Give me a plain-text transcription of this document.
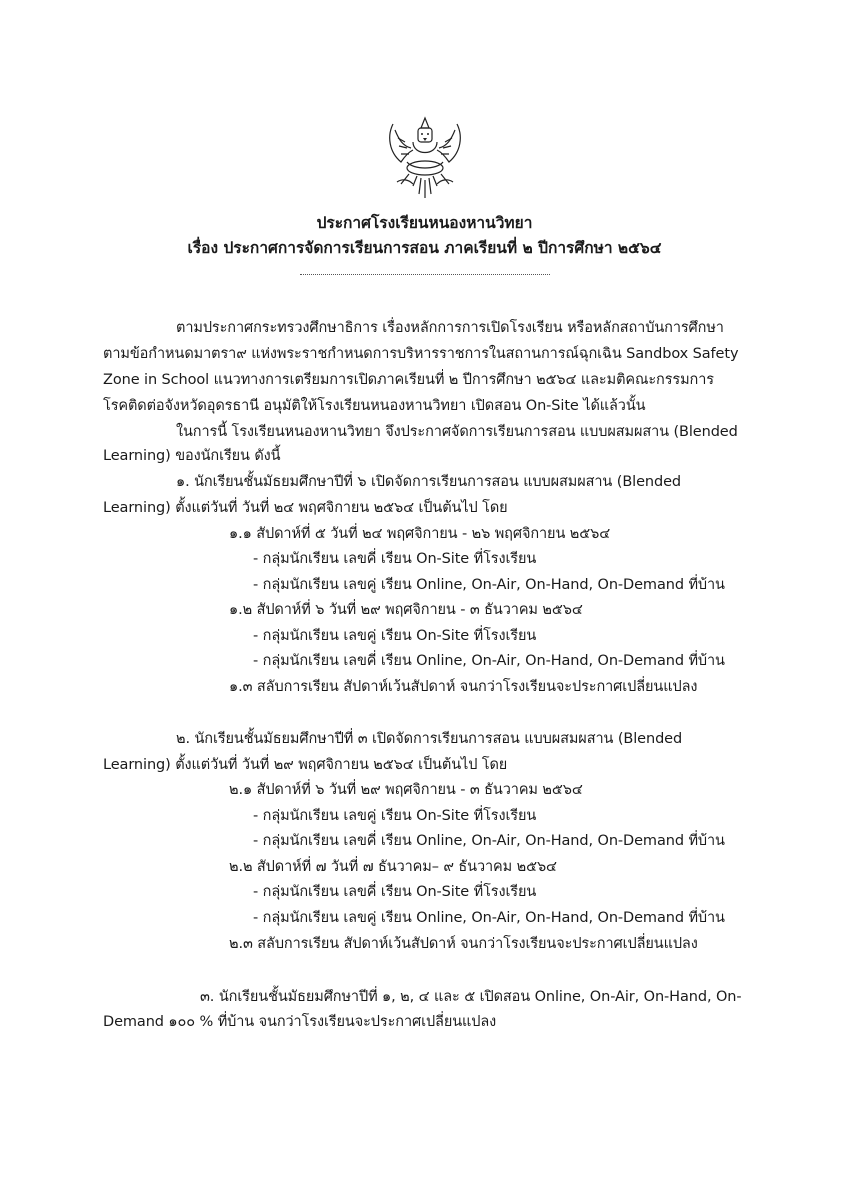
ประกาศโรงเรียนหนองหานวิทยา
เรื่อง ประกาศการจัดการเรียนการสอน ภาคเรียนที่ ๒ ปีการศึกษา ๒๕๖๔
ตามประกาศกระทรวงศึกษาธิการ เรื่องหลักการการเปิดโรงเรียน หรือหลักสถาบันการศึกษา
ตามข้อกำหนดมาตรา๙ แห่งพระราชกำหนดการบริหารราชการในสถานการณ์ฉุกเฉิน Sandbox Safety
Zone in School แนวทางการเตรียมการเปิดภาคเรียนที่ ๒ ปีการศึกษา ๒๕๖๔ และมติคณะกรรมการ
โรคติดต่อจังหวัดอุดรธานี อนุมัติให้โรงเรียนหนองหานวิทยา เปิดสอน On-Site ได้แล้วนั้น
ในการนี้ โรงเรียนหนองหานวิทยา จึงประกาศจัดการเรียนการสอน แบบผสมผสาน (Blended
Learning) ของนักเรียน ดังนี้
๑. นักเรียนชั้นมัธยมศึกษาปีที่ ๖ เปิดจัดการเรียนการสอน แบบผสมผสาน (Blended
Learning) ตั้งแต่วันที่ วันที่ ๒๔ พฤศจิกายน ๒๕๖๔ เป็นต้นไป โดย
๑.๑ สัปดาห์ที่ ๕ วันที่ ๒๔ พฤศจิกายน - ๒๖ พฤศจิกายน ๒๕๖๔
- กลุ่มนักเรียน เลขคี่ เรียน On-Site ที่โรงเรียน
- กลุ่มนักเรียน เลขคู่ เรียน Online, On-Air, On-Hand, On-Demand ที่บ้าน
๑.๒ สัปดาห์ที่ ๖ วันที่ ๒๙ พฤศจิกายน - ๓ ธันวาคม ๒๕๖๔
- กลุ่มนักเรียน เลขคู่ เรียน On-Site ที่โรงเรียน
- กลุ่มนักเรียน เลขคี่ เรียน Online, On-Air, On-Hand, On-Demand ที่บ้าน
๑.๓ สลับการเรียน สัปดาห์เว้นสัปดาห์ จนกว่าโรงเรียนจะประกาศเปลี่ยนแปลง
๒. นักเรียนชั้นมัธยมศึกษาปีที่ ๓ เปิดจัดการเรียนการสอน แบบผสมผสาน (Blended
Learning) ตั้งแต่วันที่ วันที่ ๒๙ พฤศจิกายน ๒๕๖๔ เป็นต้นไป โดย
๒.๑ สัปดาห์ที่ ๖ วันที่ ๒๙ พฤศจิกายน - ๓ ธันวาคม ๒๕๖๔
- กลุ่มนักเรียน เลขคู่ เรียน On-Site ที่โรงเรียน
- กลุ่มนักเรียน เลขคี่ เรียน Online, On-Air, On-Hand, On-Demand ที่บ้าน
๒.๒ สัปดาห์ที่ ๗ วันที่ ๗ ธันวาคม– ๙ ธันวาคม ๒๕๖๔
- กลุ่มนักเรียน เลขคี่ เรียน On-Site ที่โรงเรียน
- กลุ่มนักเรียน เลขคู่ เรียน Online, On-Air, On-Hand, On-Demand ที่บ้าน
๒.๓ สลับการเรียน สัปดาห์เว้นสัปดาห์ จนกว่าโรงเรียนจะประกาศเปลี่ยนแปลง
๓. นักเรียนชั้นมัธยมศึกษาปีที่ ๑, ๒, ๔ และ ๕ เปิดสอน Online, On-Air, On-Hand, On-
Demand ๑๐๐ % ที่บ้าน จนกว่าโรงเรียนจะประกาศเปลี่ยนแปลง
